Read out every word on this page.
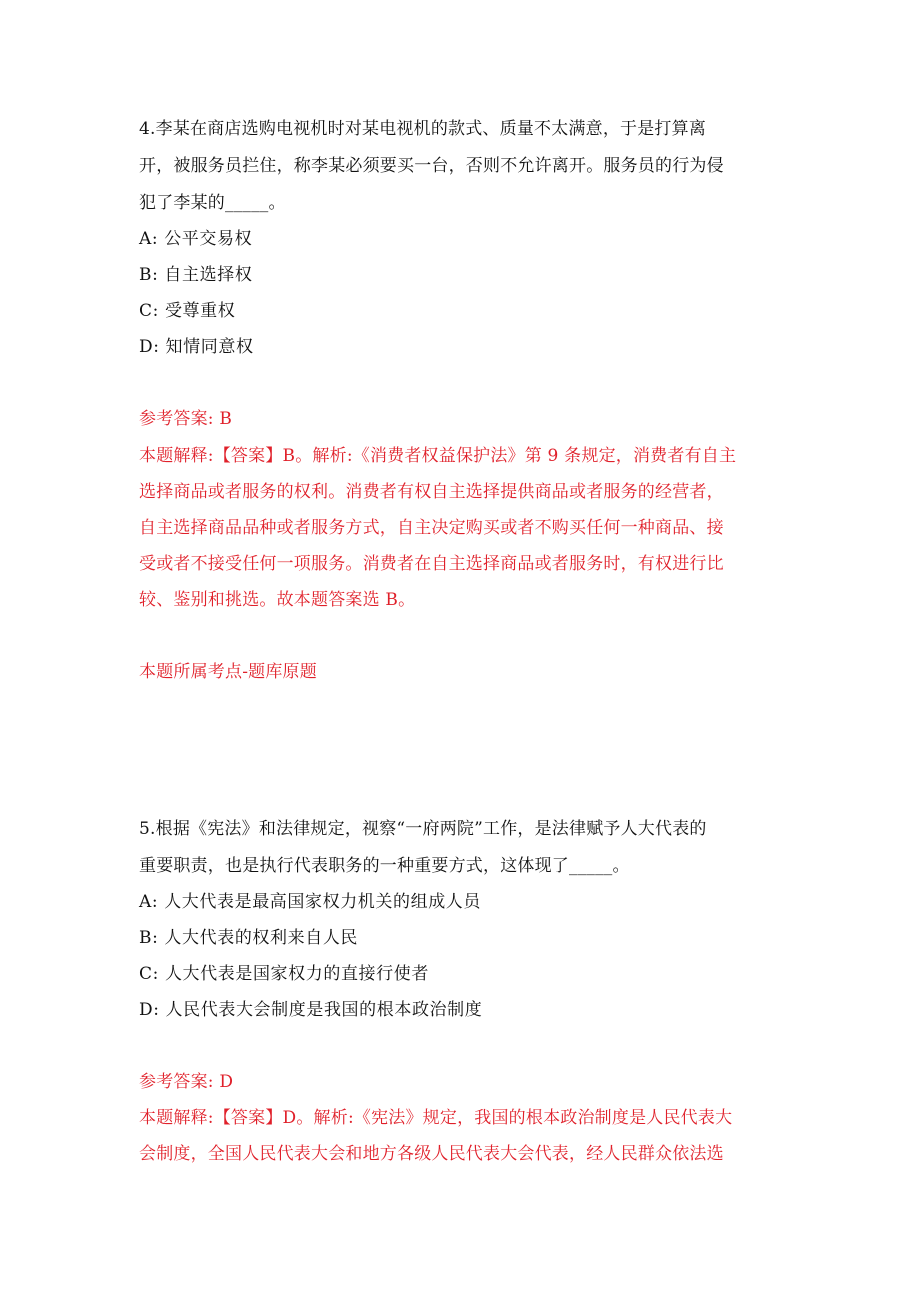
4.李某在商店选购电视机时对某电视机的款式、质量不太满意，于是打算离
开，被服务员拦住，称李某必须要买一台，否则不允许离开。服务员的行为侵
犯了李某的_____。
A: 公平交易权
B: 自主选择权
C: 受尊重权
D: 知情同意权
参考答案: B
本题解释:【答案】B。解析:《消费者权益保护法》第 9 条规定，消费者有自主
选择商品或者服务的权利。消费者有权自主选择提供商品或者服务的经营者，
自主选择商品品种或者服务方式，自主决定购买或者不购买任何一种商品、接
受或者不接受任何一项服务。消费者在自主选择商品或者服务时，有权进行比
较、鉴别和挑选。故本题答案选 B。
本题所属考点-题库原题
5.根据《宪法》和法律规定，视察“一府两院”工作，是法律赋予人大代表的
重要职责，也是执行代表职务的一种重要方式，这体现了_____。
A: 人大代表是最高国家权力机关的组成人员
B: 人大代表的权利来自人民
C: 人大代表是国家权力的直接行使者
D: 人民代表大会制度是我国的根本政治制度
参考答案: D
本题解释:【答案】D。解析:《宪法》规定，我国的根本政治制度是人民代表大
会制度，全国人民代表大会和地方各级人民代表大会代表，经人民群众依法选
